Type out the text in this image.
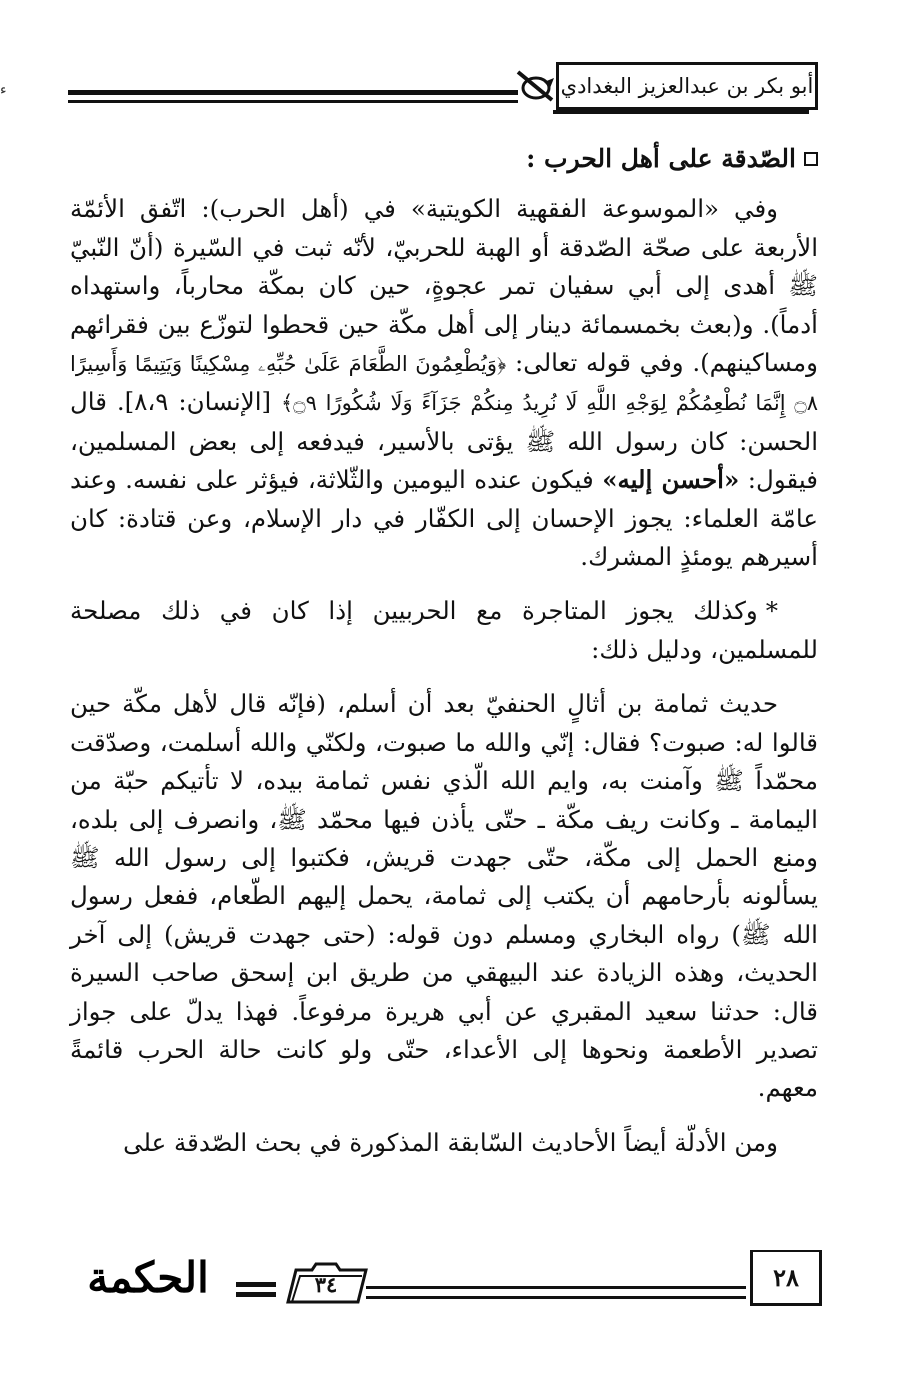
ء	أبو بكر بن عبدالعزيز البغدادي

الصّدقة على أهل الحرب :

وفي «الموسوعة الفقهية الكويتية» في (أهل الحرب): اتّفق الأئمّة الأربعة على صحّة الصّدقة أو الهبة للحربيّ، لأنّه ثبت في السّيرة (أنّ النّبيّ ﷺ أهدى إلى أبي سفيان تمر عجوةٍ، حين كان بمكّة محارباً، واستهداه أدماً). و(بعث بخمسمائة دينار إلى أهل مكّة حين قحطوا لتوزّع بين فقرائهم ومساكينهم). وفي قوله تعالى: ﴿وَيُطْعِمُونَ الطَّعَامَ عَلَىٰ حُبِّهِۦ مِسْكِينًا وَيَتِيمًا وَأَسِيرًا ۝٨ إِنَّمَا نُطْعِمُكُمْ لِوَجْهِ اللَّهِ لَا نُرِيدُ مِنكُمْ جَزَآءً وَلَا شُكُورًا ۝٩﴾ [الإنسان: ٨،٩]. قال الحسن: كان رسول الله ﷺ يؤتى بالأسير، فيدفعه إلى بعض المسلمين، فيقول: «أحسن إليه» فيكون عنده اليومين والثّلاثة، فيؤثر على نفسه. وعند عامّة العلماء: يجوز الإحسان إلى الكفّار في دار الإسلام، وعن قتادة: كان أسيرهم يومئذٍ المشرك.

*وكذلك يجوز المتاجرة مع الحربيين إذا كان في ذلك مصلحة للمسلمين، ودليل ذلك:

حديث ثمامة بن أثالٍ الحنفيّ بعد أن أسلم، (فإنّه قال لأهل مكّة حين قالوا له: صبوت؟ فقال: إنّي والله ما صبوت، ولكنّي والله أسلمت، وصدّقت محمّداً ﷺ وآمنت به، وايم الله الّذي نفس ثمامة بيده، لا تأتيكم حبّة من اليمامة ـ وكانت ريف مكّة ـ حتّى يأذن فيها محمّد ﷺ، وانصرف إلى بلده، ومنع الحمل إلى مكّة، حتّى جهدت قريش، فكتبوا إلى رسول الله ﷺ يسألونه بأرحامهم أن يكتب إلى ثمامة، يحمل إليهم الطّعام، ففعل رسول الله ﷺ) رواه البخاري ومسلم دون قوله: (حتى جهدت قريش) إلى آخر الحديث، وهذه الزيادة عند البيهقي من طريق ابن إسحق صاحب السيرة قال: حدثنا سعيد المقبري عن أبي هريرة مرفوعاً. فهذا يدلّ على جواز تصدير الأطعمة ونحوها إلى الأعداء، حتّى ولو كانت حالة الحرب قائمةً معهم.

ومن الأدلّة أيضاً الأحاديث السّابقة المذكورة في بحث الصّدقة على

٢٨
٣٤
الحكمة
